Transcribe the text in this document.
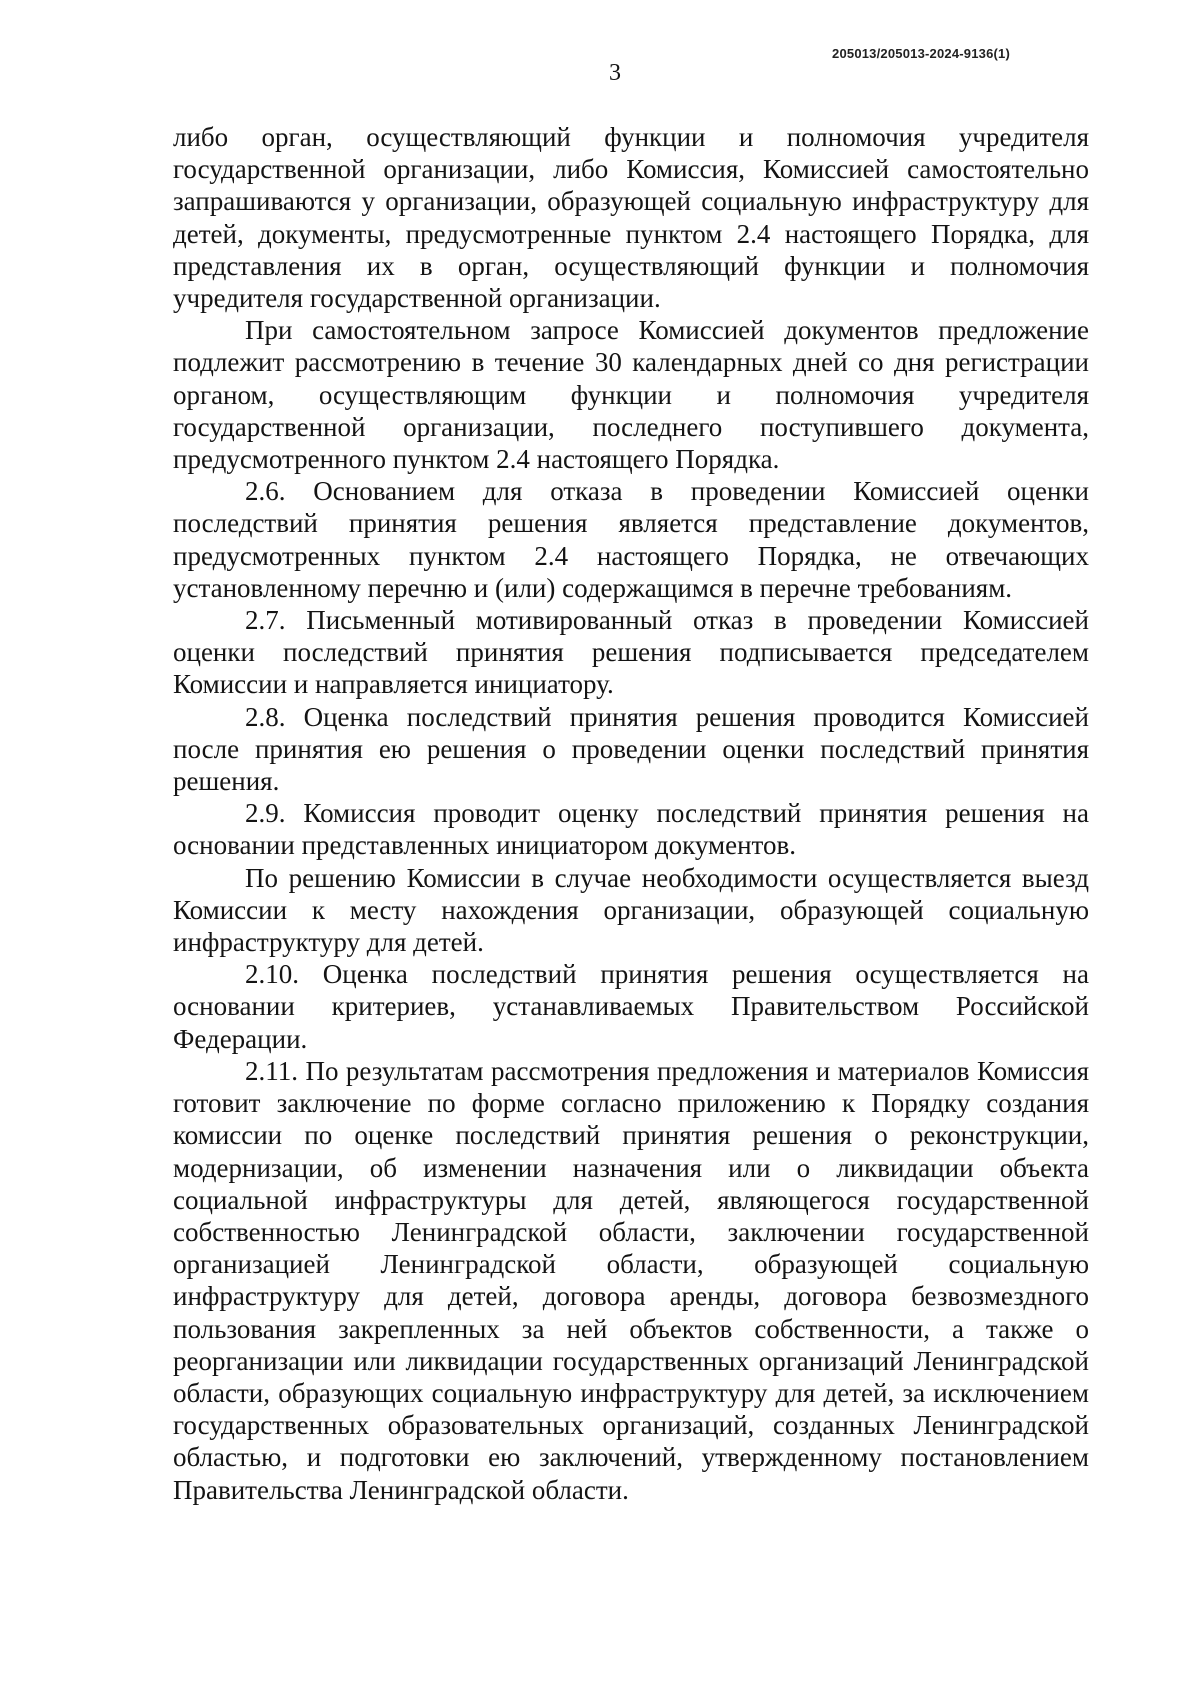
205013/205013-2024-9136(1)
3

либо орган, осуществляющий функции и полномочия учредителя государственной организации, либо Комиссия, Комиссией самостоятельно запрашиваются у организации, образующей социальную инфраструктуру для детей, документы, предусмотренные пунктом 2.4 настоящего Порядка, для представления их в орган, осуществляющий функции и полномочия учредителя государственной организации.

При самостоятельном запросе Комиссией документов предложение подлежит рассмотрению в течение 30 календарных дней со дня регистрации органом, осуществляющим функции и полномочия учредителя государственной организации, последнего поступившего документа, предусмотренного пунктом 2.4 настоящего Порядка.

2.6. Основанием для отказа в проведении Комиссией оценки последствий принятия решения является представление документов, предусмотренных пунктом 2.4 настоящего Порядка, не отвечающих установленному перечню и (или) содержащимся в перечне требованиям.

2.7. Письменный мотивированный отказ в проведении Комиссией оценки последствий принятия решения подписывается председателем Комиссии и направляется инициатору.

2.8. Оценка последствий принятия решения проводится Комиссией после принятия ею решения о проведении оценки последствий принятия решения.

2.9. Комиссия проводит оценку последствий принятия решения на основании представленных инициатором документов.

По решению Комиссии в случае необходимости осуществляется выезд Комиссии к месту нахождения организации, образующей социальную инфраструктуру для детей.

2.10. Оценка последствий принятия решения осуществляется на основании критериев, устанавливаемых Правительством Российской Федерации.

2.11. По результатам рассмотрения предложения и материалов Комиссия готовит заключение по форме согласно приложению к Порядку создания комиссии по оценке последствий принятия решения о реконструкции, модернизации, об изменении назначения или о ликвидации объекта социальной инфраструктуры для детей, являющегося государственной собственностью Ленинградской области, заключении государственной организацией Ленинградской области, образующей социальную инфраструктуру для детей, договора аренды, договора безвозмездного пользования закрепленных за ней объектов собственности, а также о реорганизации или ликвидации государственных организаций Ленинградской области, образующих социальную инфраструктуру для детей, за исключением государственных образовательных организаций, созданных Ленинградской областью, и подготовки ею заключений, утвержденному постановлением Правительства Ленинградской области.
